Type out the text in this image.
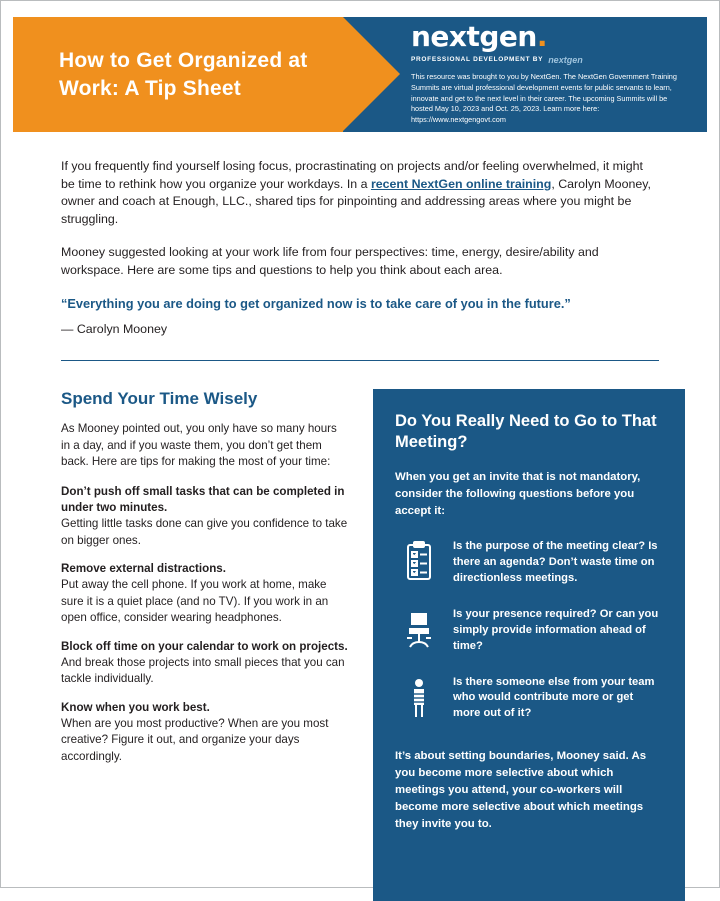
How to Get Organized at Work: A Tip Sheet
nextgen.
PROFESSIONAL DEVELOPMENT BY nextgen
This resource was brought to you by NextGen. The NextGen Government Training Summits are virtual professional development events for public servants to learn, innovate and get to the next level in their career. The upcoming Summits will be hosted May 10, 2023 and Oct. 25, 2023. Learn more here: https://www.nextgengovt.com

If you frequently find yourself losing focus, procrastinating on projects and/or feeling overwhelmed, it might be time to rethink how you organize your workdays. In a recent NextGen online training, Carolyn Mooney, owner and coach at Enough, LLC., shared tips for pinpointing and addressing areas where you might be struggling.

Mooney suggested looking at your work life from four perspectives: time, energy, desire/ability and workspace. Here are some tips and questions to help you think about each area.

“Everything you are doing to get organized now is to take care of you in the future.”

— Carolyn Mooney

Spend Your Time Wisely

As Mooney pointed out, you only have so many hours in a day, and if you waste them, you don’t get them back. Here are tips for making the most of your time:

Don’t push off small tasks that can be completed in under two minutes.

Getting little tasks done can give you confidence to take on bigger ones.

Remove external distractions.

Put away the cell phone. If you work at home, make sure it is a quiet place (and no TV). If you work in an open office, consider wearing headphones.

Block off time on your calendar to work on projects.

And break those projects into small pieces that you can tackle individually.

Know when you work best.

When are you most productive? When are you most creative? Figure it out, and organize your days accordingly.

Do You Really Need to Go to That Meeting?

When you get an invite that is not mandatory, consider the following questions before you accept it:

Is the purpose of the meeting clear? Is there an agenda? Don’t waste time on directionless meetings.
Is your presence required? Or can you simply provide information ahead of time?
Is there someone else from your team who would contribute more or get more out of it?

It’s about setting boundaries, Mooney said. As you become more selective about which meetings you attend, your co-workers will become more selective about which meetings they invite you to.
